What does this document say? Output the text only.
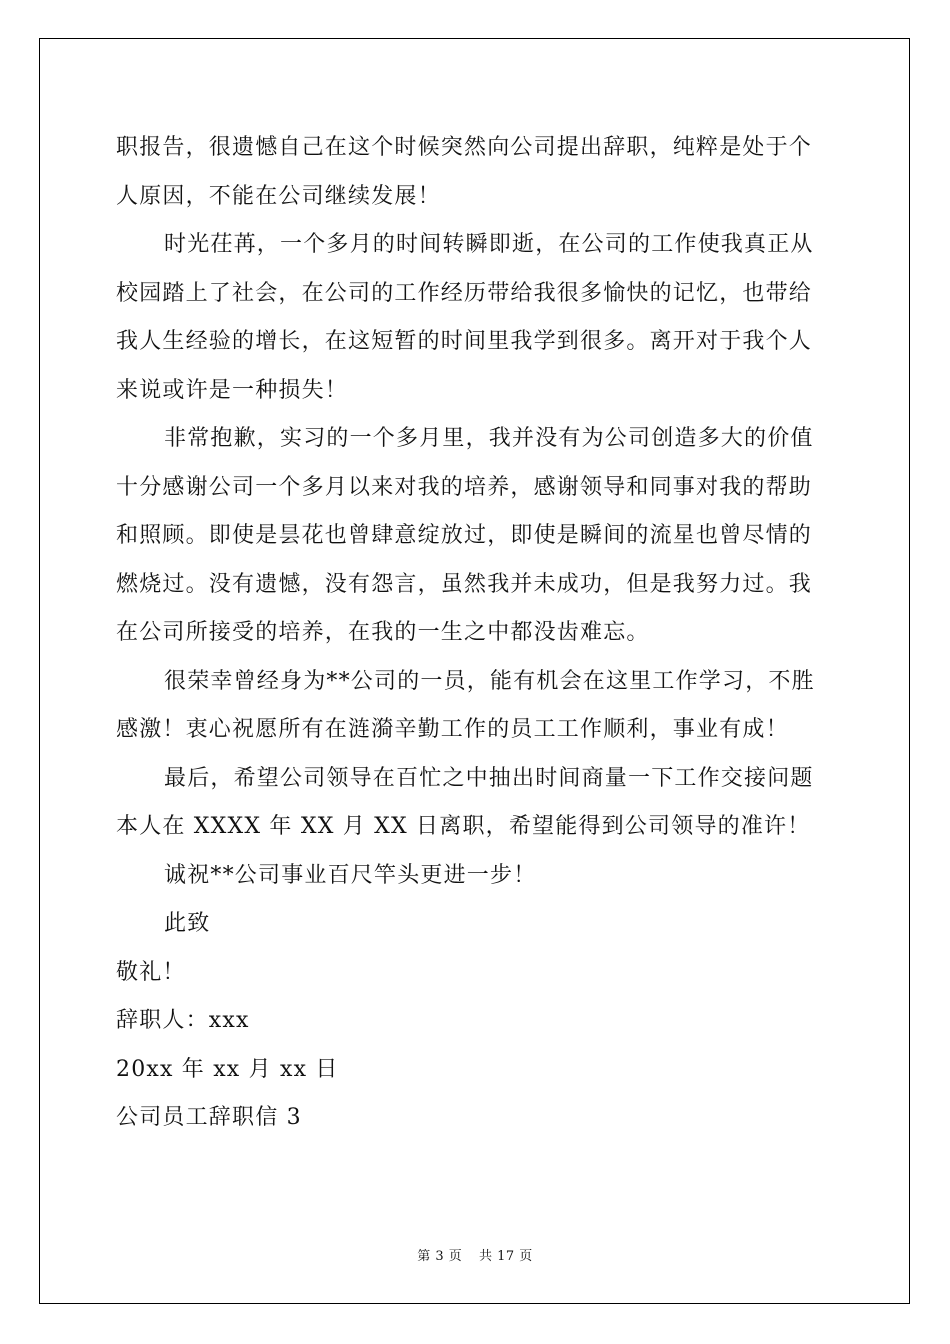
职报告，很遗憾自己在这个时候突然向公司提出辞职，纯粹是处于个
人原因，不能在公司继续发展！
时光茌苒，一个多月的时间转瞬即逝，在公司的工作使我真正从
校园踏上了社会，在公司的工作经历带给我很多愉快的记忆，也带给
我人生经验的增长，在这短暂的时间里我学到很多。离开对于我个人
来说或许是一种损失！
非常抱歉，实习的一个多月里，我并没有为公司创造多大的价值
十分感谢公司一个多月以来对我的培养，感谢领导和同事对我的帮助
和照顾。即使是昙花也曾肆意绽放过，即使是瞬间的流星也曾尽情的
燃烧过。没有遗憾，没有怨言，虽然我并未成功，但是我努力过。我
在公司所接受的培养，在我的一生之中都没齿难忘。
很荣幸曾经身为**公司的一员，能有机会在这里工作学习，不胜
感激！衷心祝愿所有在涟漪辛勤工作的员工工作顺利，事业有成！
最后，希望公司领导在百忙之中抽出时间商量一下工作交接问题
本人在 XXXX 年 XX 月 XX 日离职，希望能得到公司领导的准许！
诚祝**公司事业百尺竿头更进一步！
此致
敬礼！
辞职人：xxx
20xx 年 xx 月 xx 日
公司员工辞职信 3
第 3 页 共 17 页
